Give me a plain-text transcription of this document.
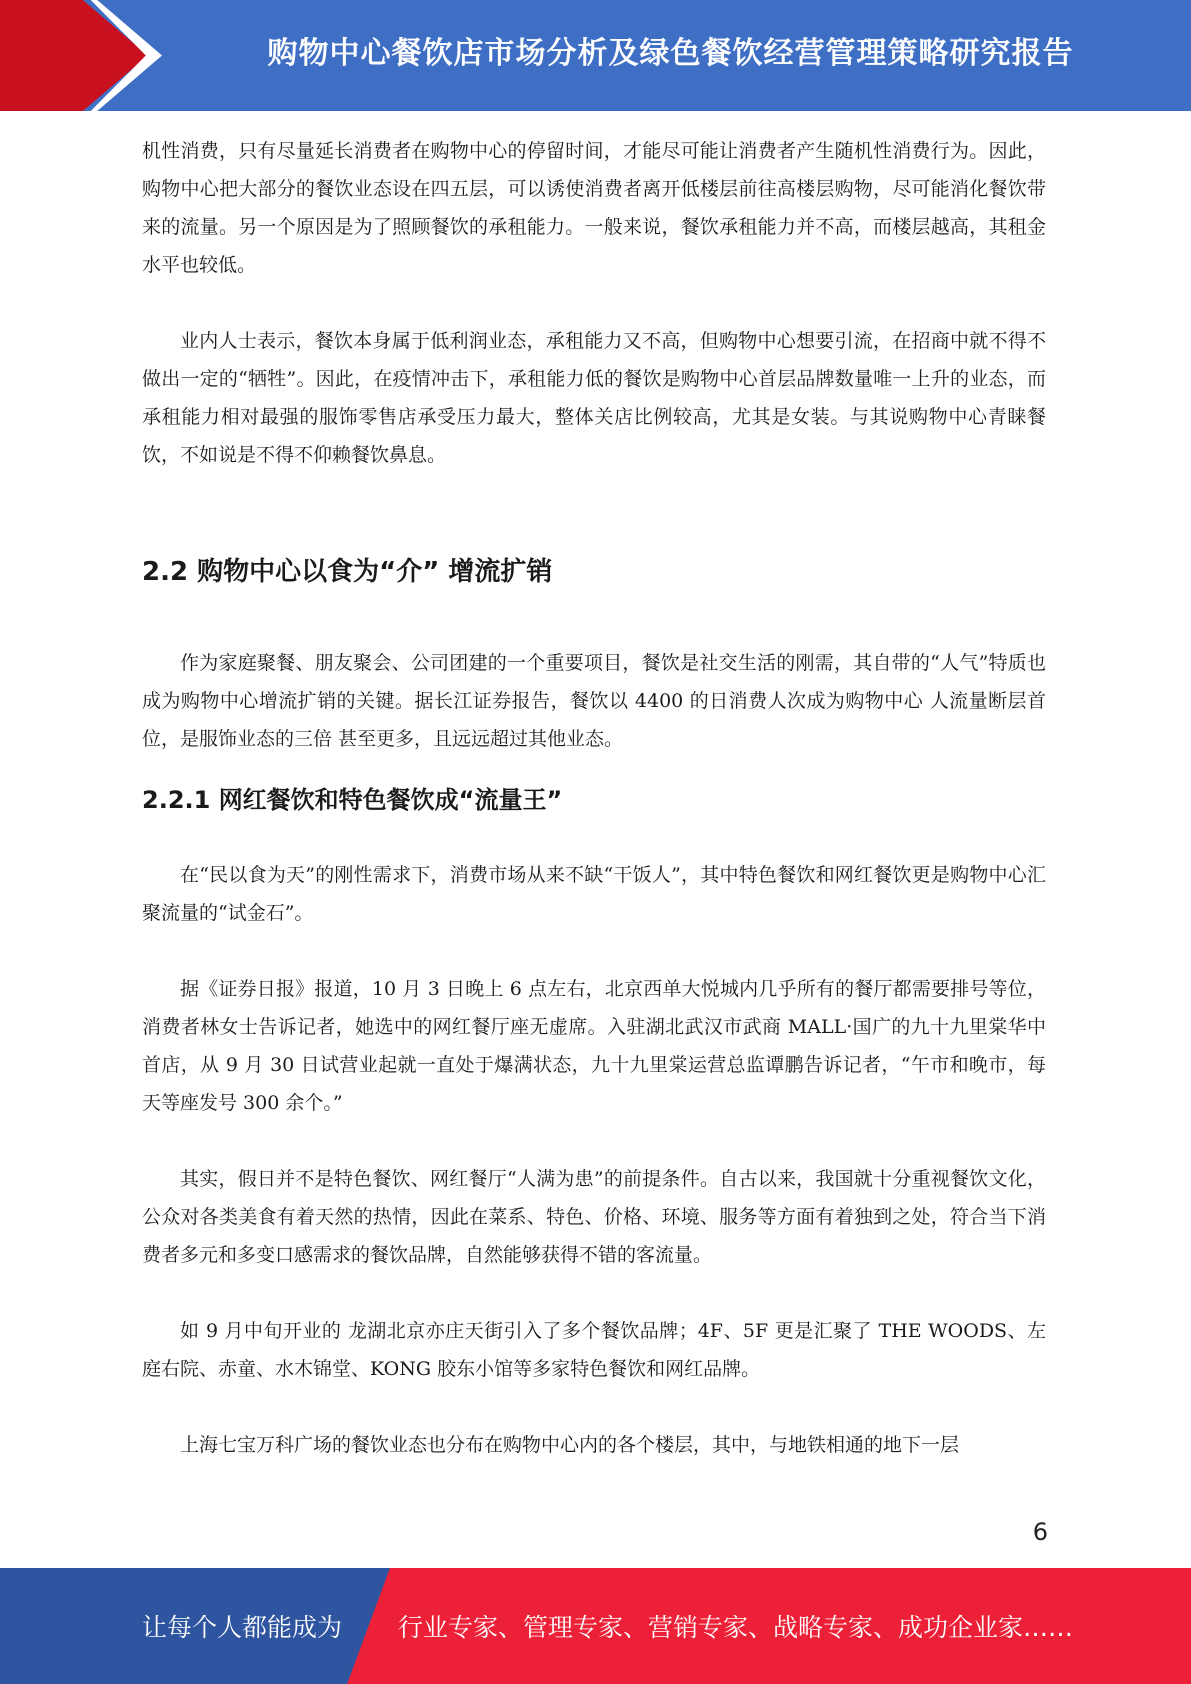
购物中心餐饮店市场分析及绿色餐饮经营管理策略研究报告

机性消费，只有尽量延长消费者在购物中心的停留时间，才能尽可能让消费者产生随机性消费行为。因此，购物中心把大部分的餐饮业态设在四五层，可以诱使消费者离开低楼层前往高楼层购物，尽可能消化餐饮带来的流量。另一个原因是为了照顾餐饮的承租能力。一般来说，餐饮承租能力并不高，而楼层越高，其租金水平也较低。

业内人士表示，餐饮本身属于低利润业态，承租能力又不高，但购物中心想要引流，在招商中就不得不做出一定的“牺牲”。因此，在疫情冲击下，承租能力低的餐饮是购物中心首层品牌数量唯一上升的业态，而承租能力相对最强的服饰零售店承受压力最大，整体关店比例较高，尤其是女装。与其说购物中心青睐餐饮，不如说是不得不仰赖餐饮鼻息。

2.2 购物中心以食为“介” 增流扩销

作为家庭聚餐、朋友聚会、公司团建的一个重要项目，餐饮是社交生活的刚需，其自带的“人气”特质也成为购物中心增流扩销的关键。据长江证券报告，餐饮以 4400 的日消费人次成为购物中心 人流量断层首位，是服饰业态的三倍 甚至更多，且远远超过其他业态。

2.2.1 网红餐饮和特色餐饮成“流量王”

在“民以食为天”的刚性需求下，消费市场从来不缺“干饭人”，其中特色餐饮和网红餐饮更是购物中心汇聚流量的“试金石”。

据《证券日报》报道，10 月 3 日晚上 6 点左右，北京西单大悦城内几乎所有的餐厅都需要排号等位，消费者林女士告诉记者，她选中的网红餐厅座无虚席。入驻湖北武汉市武商 MALL·国广的九十九里棠华中首店，从 9 月 30 日试营业起就一直处于爆满状态，九十九里棠运营总监谭鹏告诉记者，“午市和晚市，每天等座发号 300 余个。”

其实，假日并不是特色餐饮、网红餐厅“人满为患”的前提条件。自古以来，我国就十分重视餐饮文化，公众对各类美食有着天然的热情，因此在菜系、特色、价格、环境、服务等方面有着独到之处，符合当下消费者多元和多变口感需求的餐饮品牌，自然能够获得不错的客流量。

如 9 月中旬开业的 龙湖北京亦庄天街引入了多个餐饮品牌；4F、5F 更是汇聚了 THE WOODS、左庭右院、赤童、水木锦堂、KONG 胶东小馆等多家特色餐饮和网红品牌。

上海七宝万科广场的餐饮业态也分布在购物中心内的各个楼层，其中，与地铁相通的地下一层

6
让每个人都能成为 行业专家、管理专家、营销专家、战略专家、成功企业家……
